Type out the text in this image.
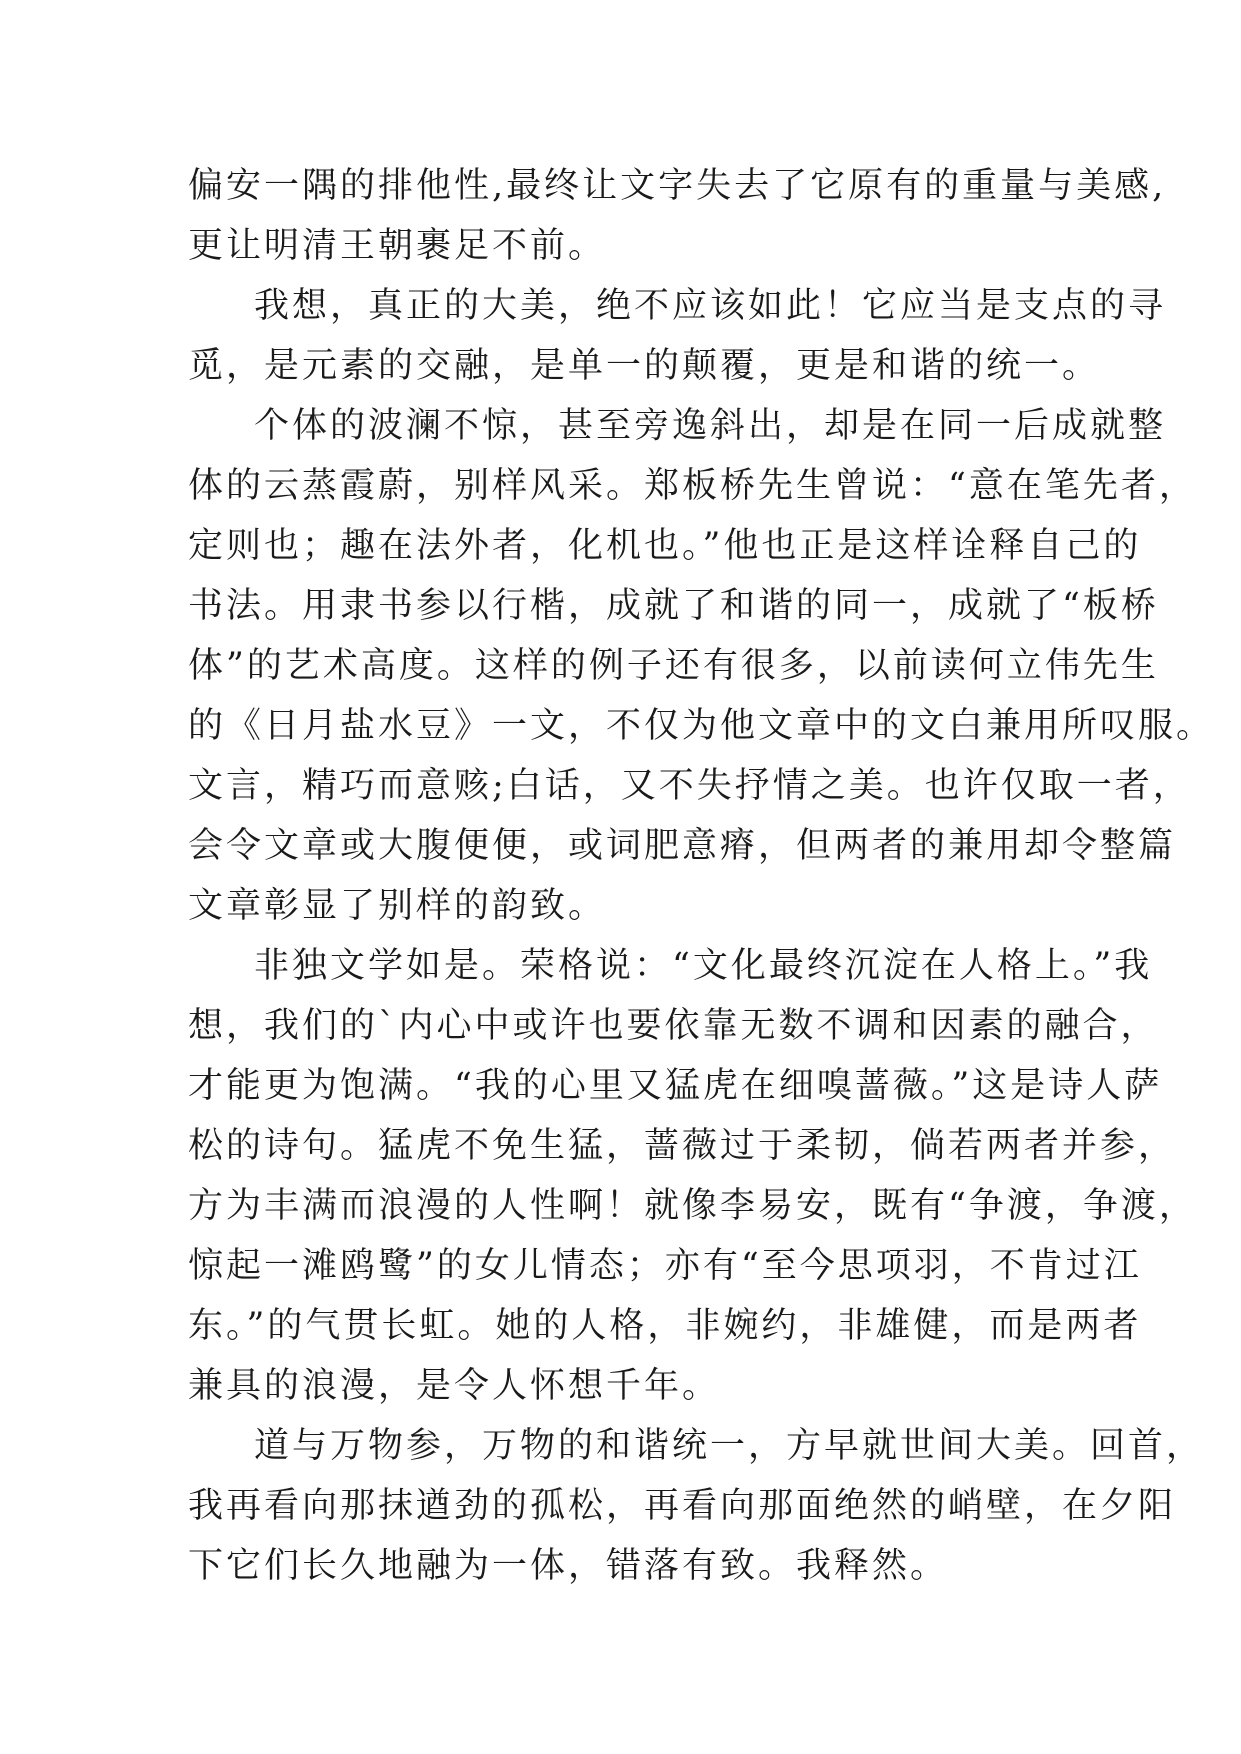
偏安一隅的排他性,最终让文字失去了它原有的重量与美感,
更让明清王朝裹足不前。
我想，真正的大美，绝不应该如此！它应当是支点的寻
觅，是元素的交融，是单一的颠覆，更是和谐的统一。
个体的波澜不惊，甚至旁逸斜出，却是在同一后成就整
体的云蒸霞蔚，别样风采。郑板桥先生曾说：“意在笔先者，
定则也；趣在法外者，化机也。”他也正是这样诠释自己的
书法。用隶书参以行楷，成就了和谐的同一，成就了“板桥
体”的艺术高度。这样的例子还有很多，以前读何立伟先生
的《日月盐水豆》一文，不仅为他文章中的文白兼用所叹服。
文言，精巧而意赅;白话，又不失抒情之美。也许仅取一者，
会令文章或大腹便便，或词肥意瘠，但两者的兼用却令整篇
文章彰显了别样的韵致。
非独文学如是。荣格说：“文化最终沉淀在人格上。”我
想，我们的`内心中或许也要依靠无数不调和因素的融合，
才能更为饱满。“我的心里又猛虎在细嗅蔷薇。”这是诗人萨
松的诗句。猛虎不免生猛，蔷薇过于柔韧，倘若两者并参，
方为丰满而浪漫的人性啊！就像李易安，既有“争渡，争渡，
惊起一滩鸥鹭”的女儿情态；亦有“至今思项羽，不肯过江
东。”的气贯长虹。她的人格，非婉约，非雄健，而是两者
兼具的浪漫，是令人怀想千年。
道与万物参，万物的和谐统一，方早就世间大美。回首，
我再看向那抹遒劲的孤松，再看向那面绝然的峭壁，在夕阳
下它们长久地融为一体，错落有致。我释然。
